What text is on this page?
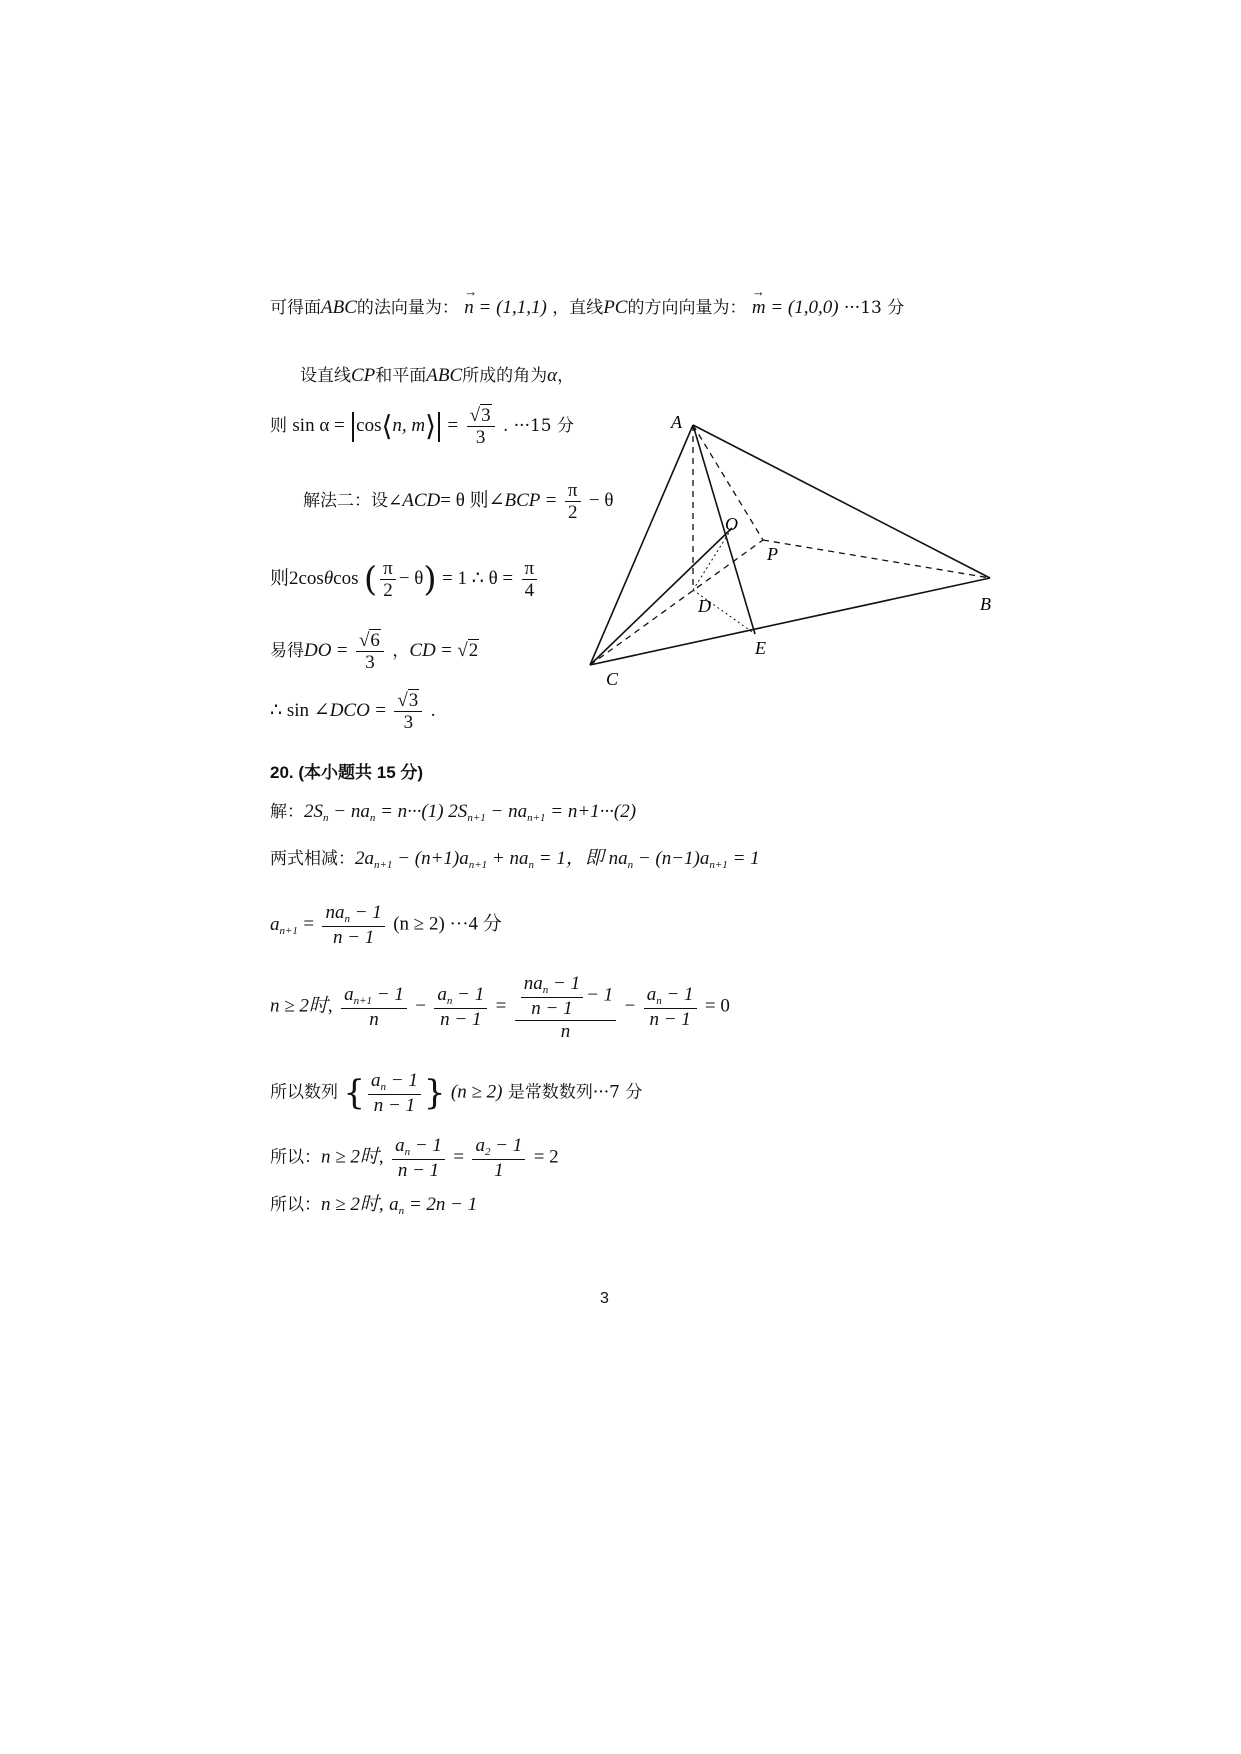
可得面ABC的法向量为： → n = (1,1,1) ，直线PC的方向向量为： → m = (1,0,0) ···13 分
设直线CP和平面ABC所成的角为α，
则 sin α = cos⟨n, m⟩ = $\frac{√3}{3}$ . ···15 分
解法二：设∠ACD= θ 则∠BCP = $\frac{\pi}{2} - \theta$
则2cosθcos ( $\frac{\pi}{2} - \theta) = 1$ ∴ $\theta = \frac{\pi}{4}$
易得DO = $\frac{√6}{3}$ ，CD = √2
∴ sin ∠DCO = $\frac{√3}{3}$ .
20. (本小题共 15 分)
解：$2S_n - na_n = n\cdot\cdot\cdot(1) 2S_{n+1} - na_{n+1} = n+1\cdot\cdot\cdot(2)$
两式相减：$2a_{n+1} - (n+1)a_{n+1} + na_n = 1$，即 $na_n - (n-1)a_{n+1} = 1$
$a_{n+1} = \frac{na_n - 1}{n - 1} (n \ge 2) \cdot\cdot\cdot 4$ 分
n ≥ 2时, $\frac{a_{n+1} - 1}{n} - \frac{a_n - 1}{n - 1} = \frac{\frac{na_n - 1}{n - 1} - 1}{n} - \frac{a_n - 1}{n - 1} = 0$
所以数列 { $\frac{a_n - 1}{n - 1}$ } (n ≥ 2) 是常数数列···7 分
所以：n ≥ 2时, $\frac{a_n - 1}{n - 1} = \frac{a_2 - 1}{1} = 2$
所以：n ≥ 2时, $a_n = 2n - 1$
A
B
C
D
E
O
P
3
